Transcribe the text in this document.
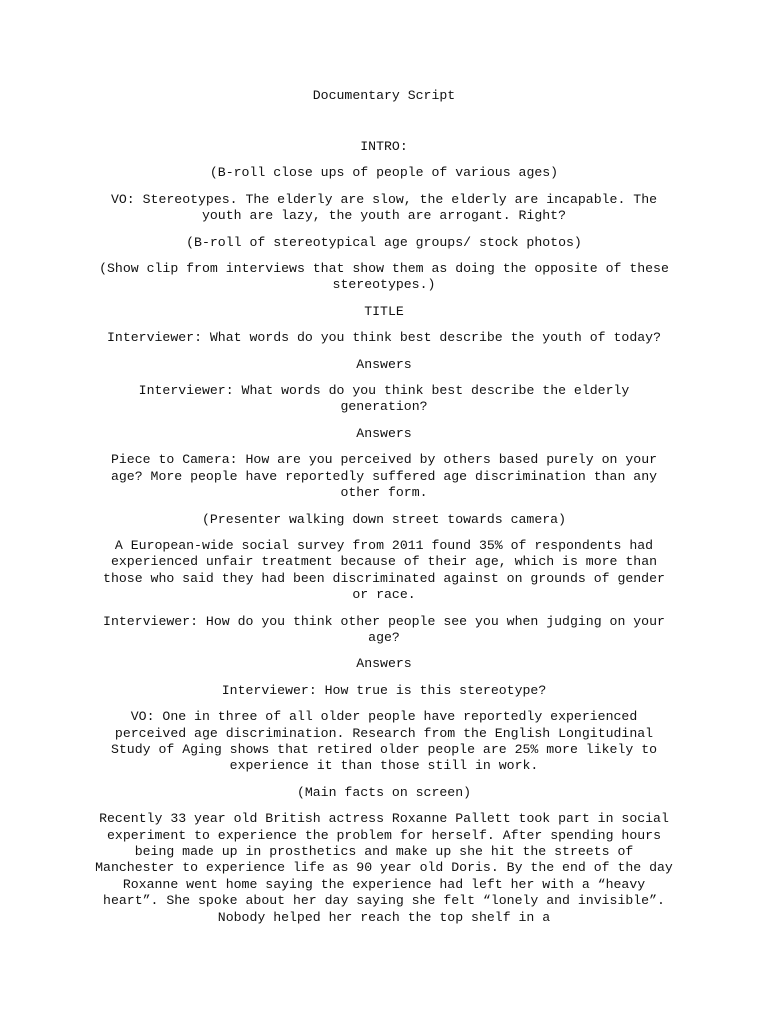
Documentary Script

INTRO:

(B-roll close ups of people of various ages)

VO: Stereotypes. The elderly are slow, the elderly are incapable. The youth are lazy, the youth are arrogant. Right?

(B-roll of stereotypical age groups/ stock photos)

(Show clip from interviews that show them as doing the opposite of these stereotypes.)

TITLE

Interviewer: What words do you think best describe the youth of today?

Answers

Interviewer: What words do you think best describe the elderly generation?

Answers

Piece to Camera: How are you perceived by others based purely on your age? More people have reportedly suffered age discrimination than any other form.

(Presenter walking down street towards camera)

A European-wide social survey from 2011 found 35% of respondents had experienced unfair treatment because of their age, which is more than those who said they had been discriminated against on grounds of gender or race.

Interviewer: How do you think other people see you when judging on your age?

Answers

Interviewer: How true is this stereotype?

VO: One in three of all older people have reportedly experienced perceived age discrimination. Research from the English Longitudinal Study of Aging shows that retired older people are 25% more likely to experience it than those still in work.

(Main facts on screen)

Recently 33 year old British actress Roxanne Pallett took part in social experiment to experience the problem for herself. After spending hours being made up in prosthetics and make up she hit the streets of Manchester to experience life as 90 year old Doris. By the end of the day Roxanne went home saying the experience had left her with a “heavy heart”. She spoke about her day saying she felt “lonely and invisible”. Nobody helped her reach the top shelf in a
